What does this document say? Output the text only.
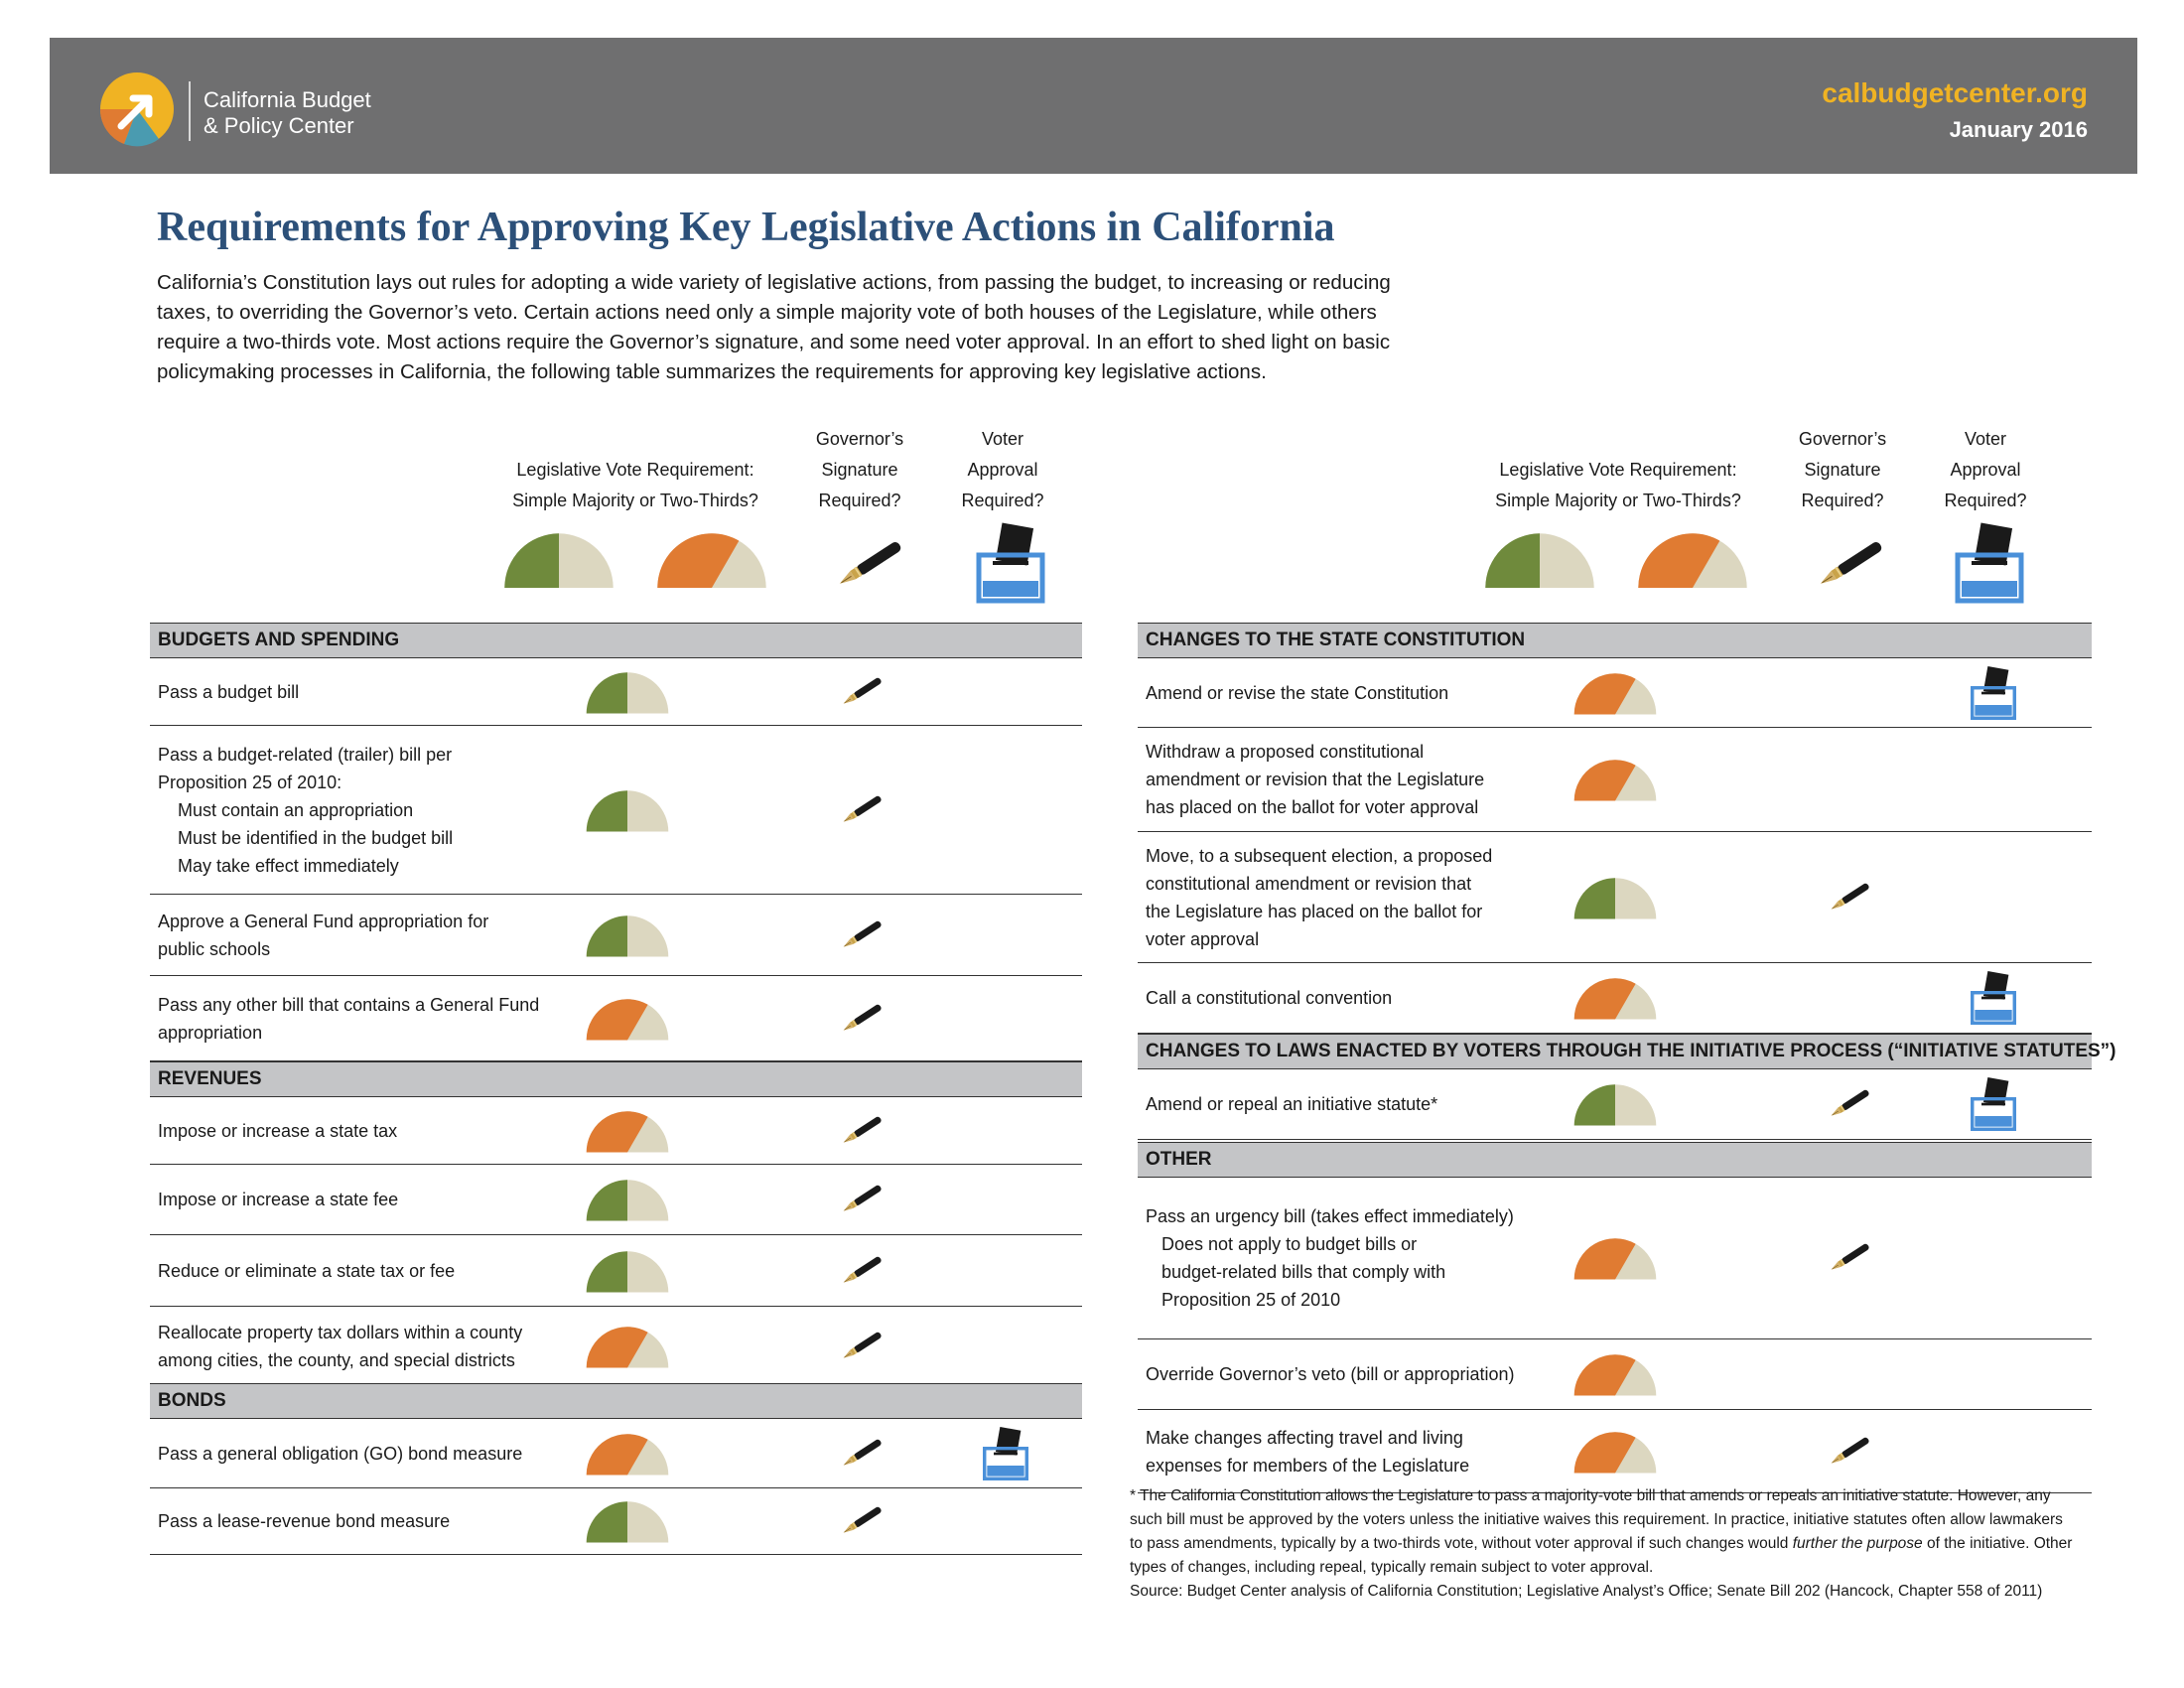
California Budget
& Policy Center
calbudgetcenter.org
January 2016
Requirements for Approving Key Legislative Actions in California
California’s Constitution lays out rules for adopting a wide variety of legislative actions, from passing the budget, to increasing or reducing taxes, to overriding the Governor’s veto. Certain actions need only a simple majority vote of both houses of the Legislature, while others require a two-thirds vote. Most actions require the Governor’s signature, and some need voter approval. In an effort to shed light on basic policymaking processes in California, the following table summarizes the requirements for approving key legislative actions.
Legislative Vote Requirement:
Simple Majority or Two-Thirds?
Governor’s
Signature
Required?
Voter
Approval
Required?
Legislative Vote Requirement:
Simple Majority or Two-Thirds?
Governor’s
Signature
Required?
Voter
Approval
Required?
BUDGETS AND SPENDING
Pass a budget bill
Pass a budget-related (trailer) bill per
Proposition 25 of 2010:
Must contain an appropriation
Must be identified in the budget bill
May take effect immediately
Approve a General Fund appropriation for
public schools
Pass any other bill that contains a General Fund
appropriation
REVENUES
Impose or increase a state tax
Impose or increase a state fee
Reduce or eliminate a state tax or fee
Reallocate property tax dollars within a county
among cities, the county, and special districts
BONDS
Pass a general obligation (GO) bond measure
Pass a lease-revenue bond measure
CHANGES TO THE STATE CONSTITUTION
Amend or revise the state Constitution
Withdraw a proposed constitutional
amendment or revision that the Legislature
has placed on the ballot for voter approval
Move, to a subsequent election, a proposed
constitutional amendment or revision that
the Legislature has placed on the ballot for
voter approval
Call a constitutional convention
CHANGES TO LAWS ENACTED BY VOTERS THROUGH THE INITIATIVE PROCESS (“INITIATIVE STATUTES”)
Amend or repeal an initiative statute*
OTHER
Pass an urgency bill (takes effect immediately)
Does not apply to budget bills or
budget-related bills that comply with
Proposition 25 of 2010
Override Governor’s veto (bill or appropriation)
Make changes affecting travel and living
expenses for members of the Legislature

* The California Constitution allows the Legislature to pass a majority-vote bill that amends or repeals an initiative statute. However, any such bill must be approved by the voters unless the initiative waives this requirement. In practice, initiative statutes often allow lawmakers to pass amendments, typically by a two-thirds vote, without voter approval if such changes would further the purpose of the initiative. Other types of changes, including repeal, typically remain subject to voter approval.

Source: Budget Center analysis of California Constitution; Legislative Analyst’s Office; Senate Bill 202 (Hancock, Chapter 558 of 2011)
